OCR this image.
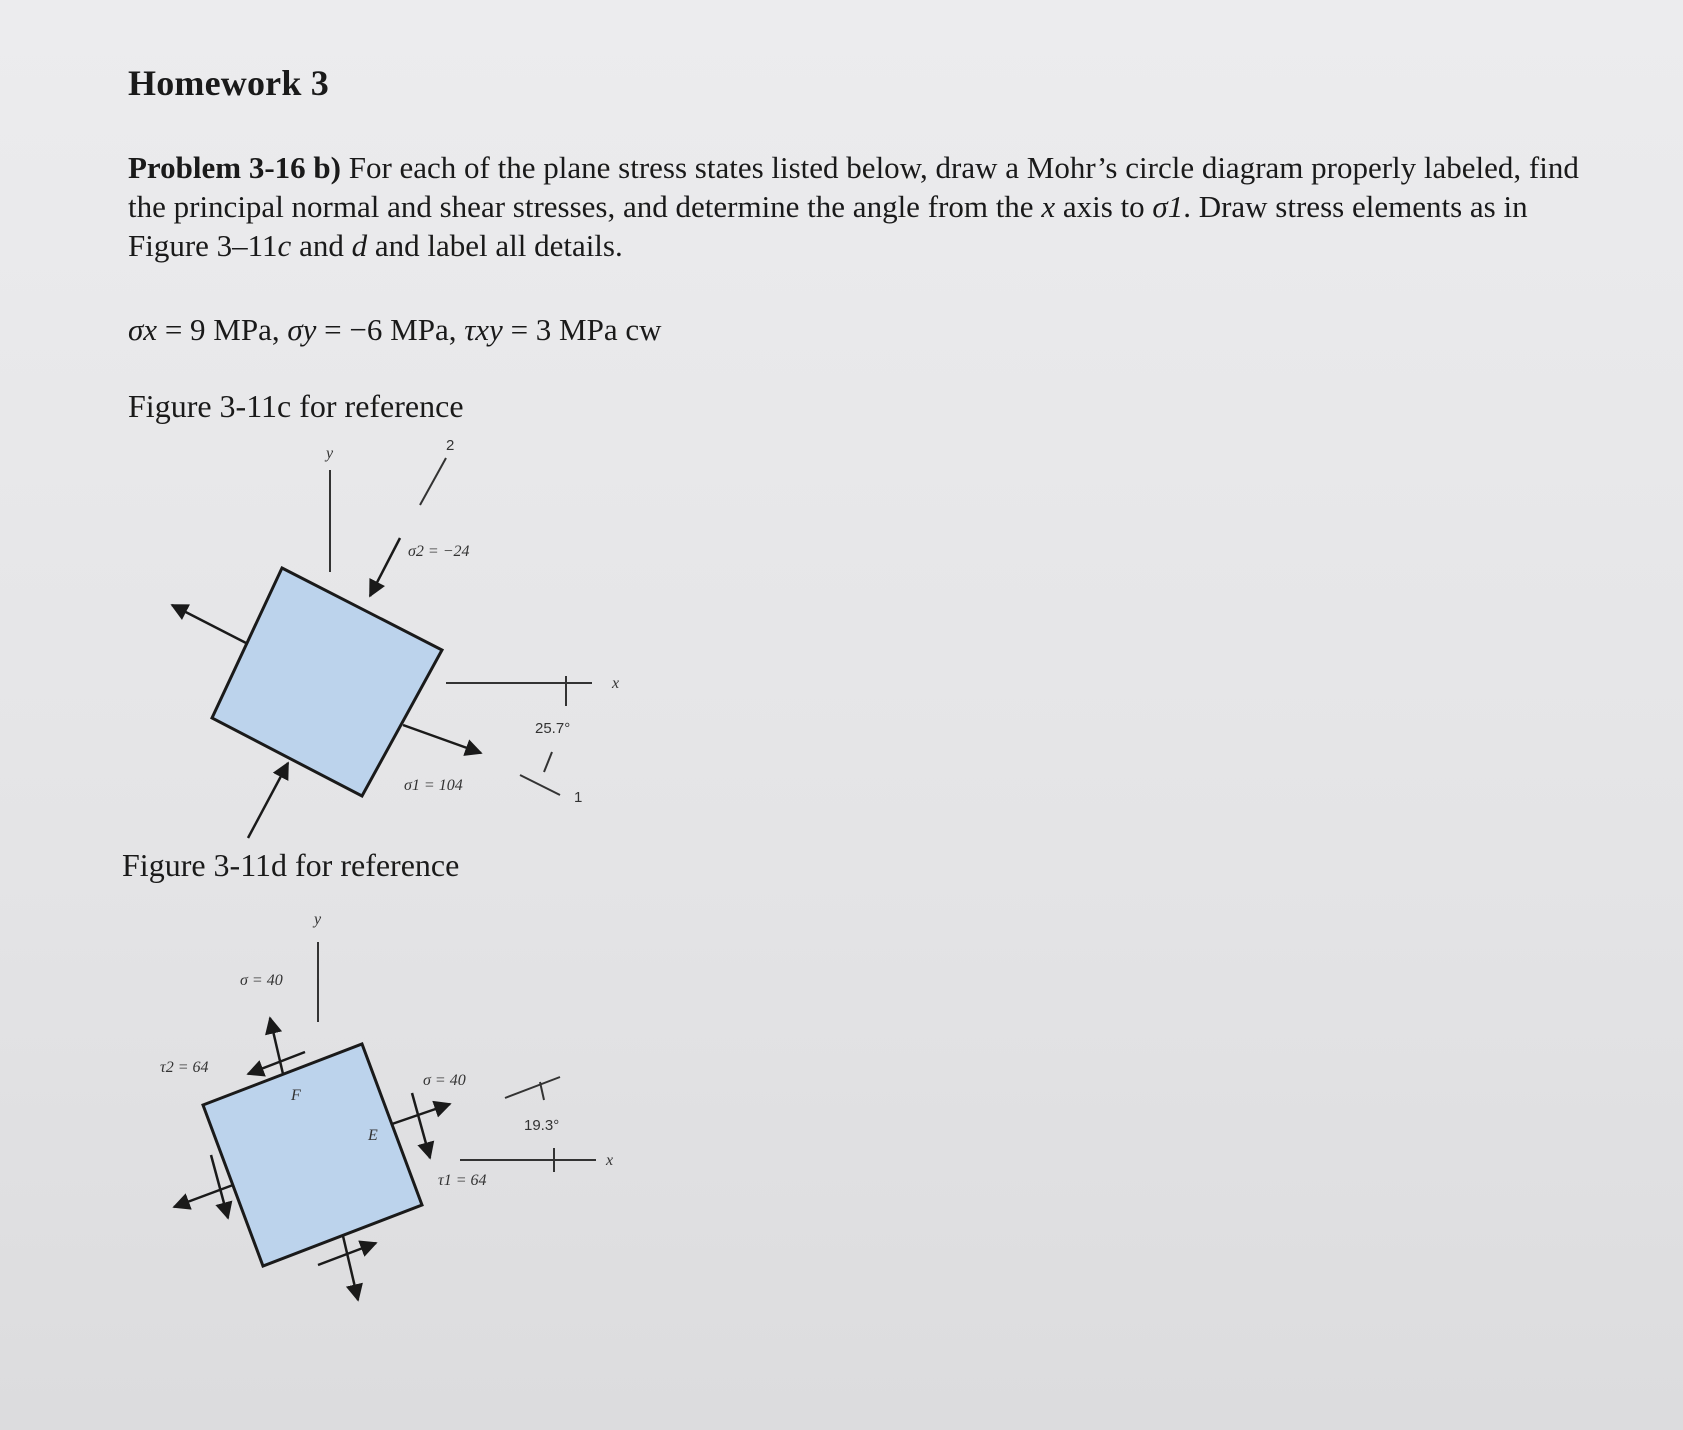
Homework 3
Problem 3-16 b) For each of the plane stress states listed below, draw a Mohr’s circle diagram properly labeled, find the principal normal and shear stresses, and determine the angle from the x axis to σ1. Draw stress elements as in Figure 3–11c and d and label all details.
σx = 9 MPa, σy = −6 MPa, τxy = 3 MPa cw
Figure 3-11c for reference
Figure 3-11d for reference
y	2
σ2 = −24
σ1 = 104
x
25.7°
1
y
σ = 40
F
E
τ2 = 64
σ = 40
τ1 = 64
x
19.3°
